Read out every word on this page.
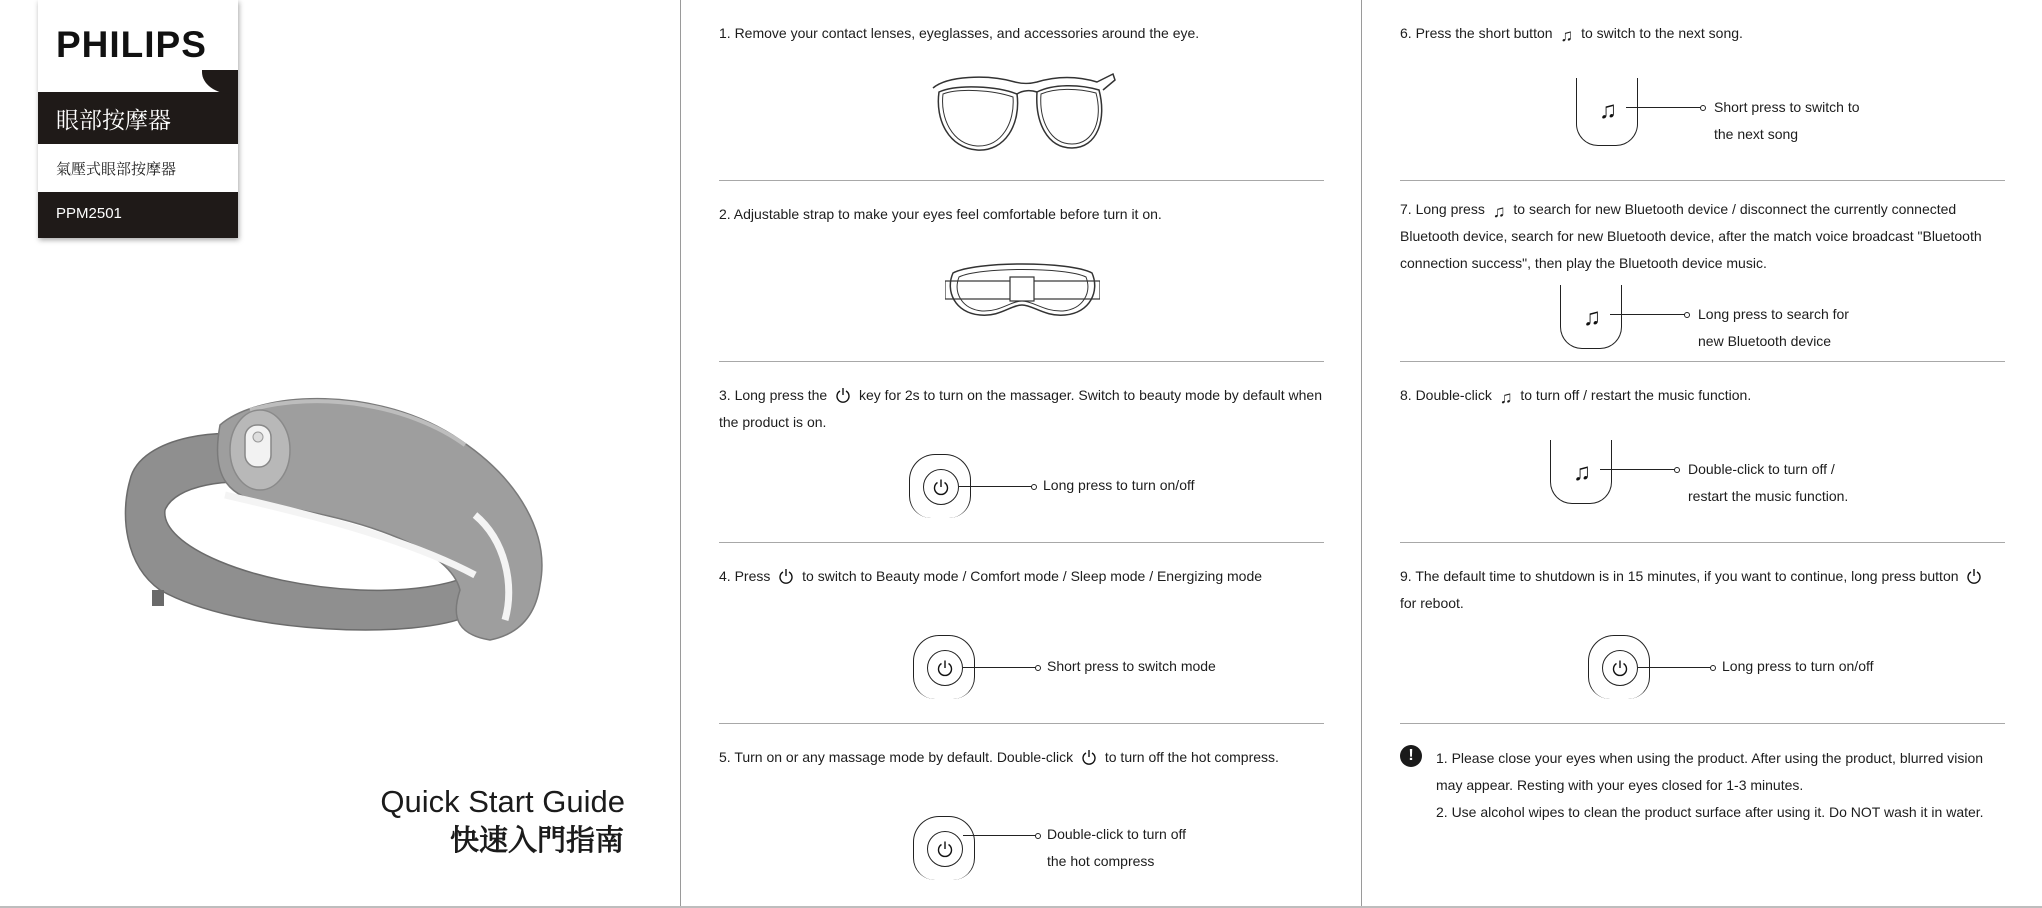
PHILIPS
眼部按摩器
氣壓式眼部按摩器
PPM2501
Quick Start Guide
快速入門指南
1. Remove your contact lenses, eyeglasses, and accessories around the eye.
2. Adjustable strap to make your eyes feel comfortable before turn it on.
3. Long press the key for 2s to turn on the massager. Switch to beauty mode by default when the product is on.
Long press to turn on/off
4. Press to switch to Beauty mode / Comfort mode / Sleep mode / Energizing mode
Short press to switch mode
5. Turn on or any massage mode by default. Double-click to turn off the hot compress.
Double-click to turn off
the hot compress
6. Press the short button ♫ to switch to the next song.
♫	Short press to switch to
the next song
7. Long press ♫ to search for new Bluetooth device / disconnect the currently connected Bluetooth device, search for new Bluetooth device, after the match voice broadcast "Bluetooth connection success", then play the Bluetooth device music.
♫	Long press to search for
new Bluetooth device
8. Double-click ♫ to turn off / restart the music function.
♫	Double-click to turn off /
restart the music function.
9. The default time to shutdown is in 15 minutes, if you want to continue, long press button  for reboot.
Long press to turn on/off
!	1. Please close your eyes when using the product. After using the product, blurred vision may appear. Resting with your eyes closed for 1-3 minutes.
2. Use alcohol wipes to clean the product surface after using it. Do NOT wash it in water.
